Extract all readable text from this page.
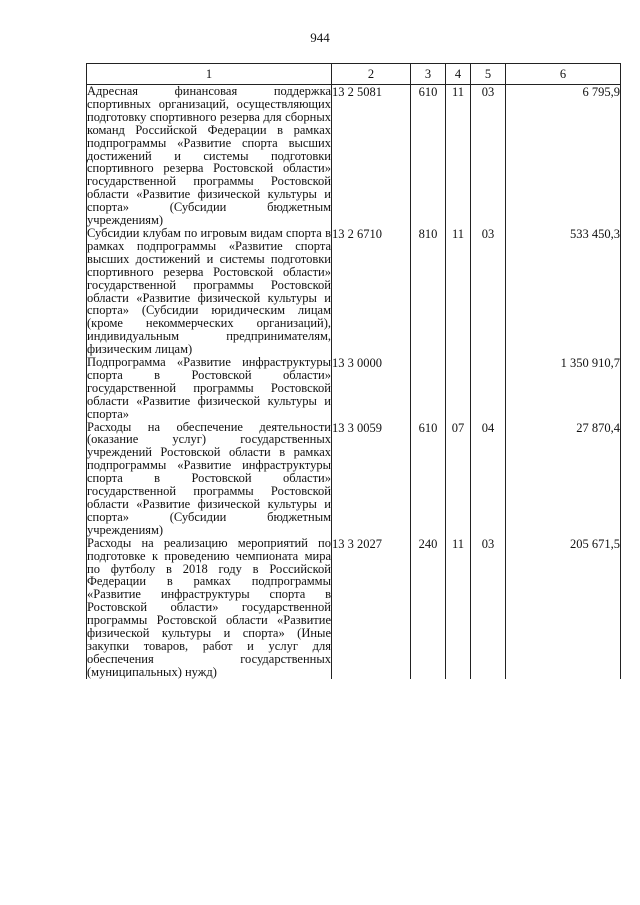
944
1	2	3	4	5	6
Адресная финансовая поддержка спортивных организаций, осуществляющих подготовку спортивного резерва для сборных команд Российской Федерации в рамках подпрограммы «Развитие спорта высших достижений и системы подготовки спортивного резерва Ростовской области» государственной программы Ростовской области «Развитие физической культуры и спорта» (Субсидии бюджетным учреждениям)	13 2 5081	610	11	03	6 795,9
Субсидии клубам по игровым видам спорта в рамках подпрограммы «Развитие спорта высших достижений и системы подготовки спортивного резерва Ростовской области» государственной программы Ростовской области «Развитие физической культуры и спорта» (Субсидии юридическим лицам (кроме некоммерческих организаций), индивидуальным предпринимателям, физическим лицам)	13 2 6710	810	11	03	533 450,3
Подпрограмма «Развитие инфраструктуры спорта в Ростовской области» государственной программы Ростовской области «Развитие физической культуры и спорта»	13 3 0000				1 350 910,7
Расходы на обеспечение деятельности (оказание услуг) государственных учреждений Ростовской области в рамках подпрограммы «Развитие инфраструктуры спорта в Ростовской области» государственной программы Ростовской области «Развитие физической культуры и спорта» (Субсидии бюджетным учреждениям)	13 3 0059	610	07	04	27 870,4
Расходы на реализацию мероприятий по подготовке к проведению чемпионата мира по футболу в 2018 году в Российской Федерации в рамках подпрограммы «Развитие инфраструктуры спорта в Ростовской области» государственной программы Ростовской области «Развитие физической культуры и спорта» (Иные закупки товаров, работ и услуг для обеспечения государственных (муниципальных) нужд)	13 3 2027	240	11	03	205 671,5
